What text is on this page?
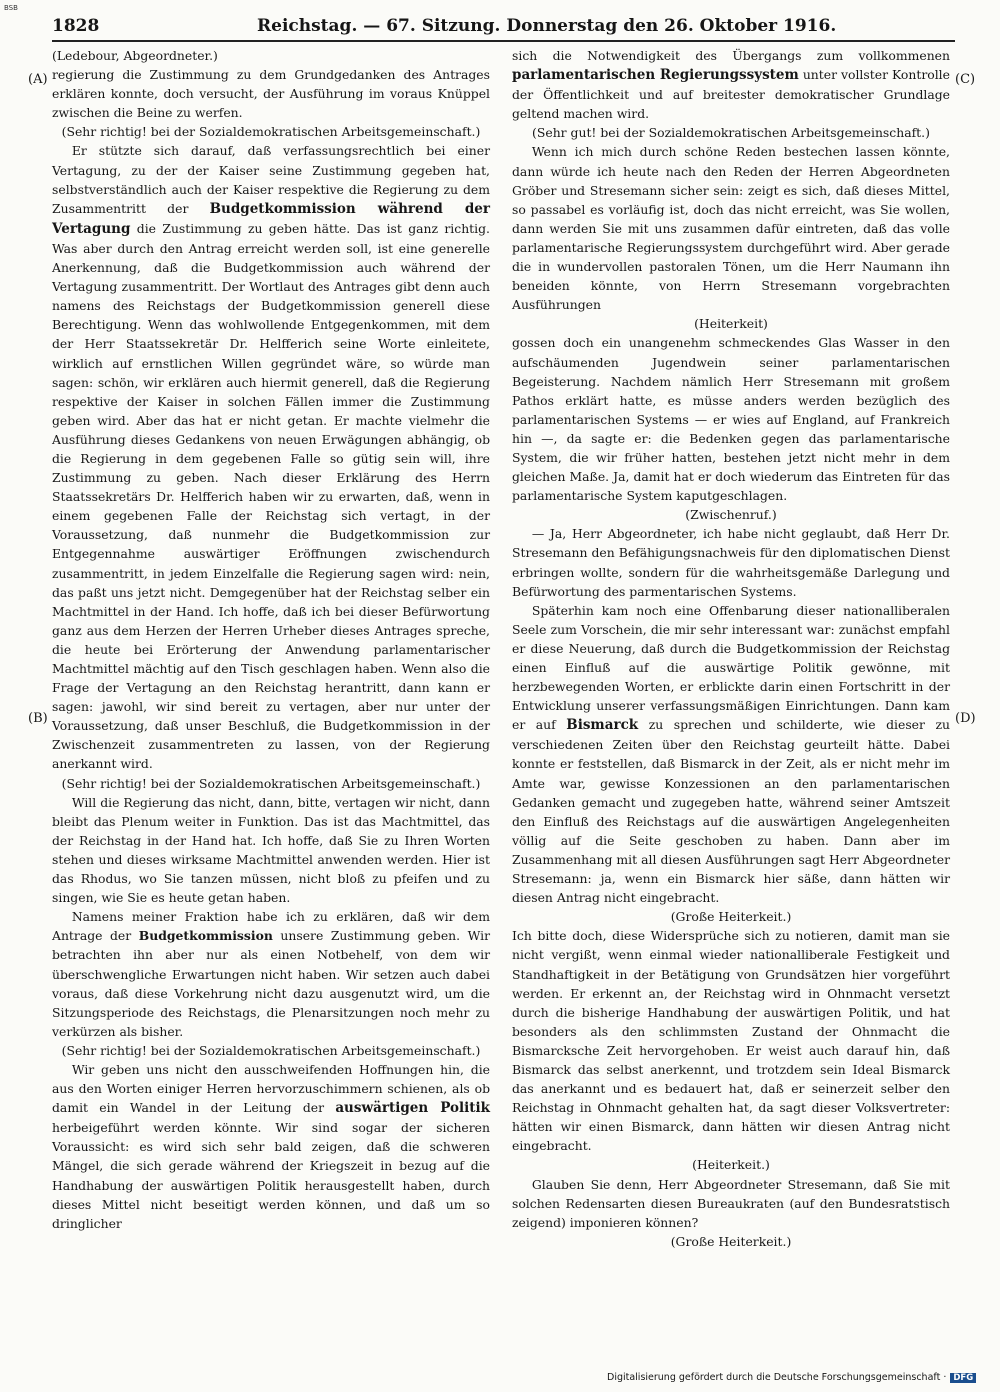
BSB
1828	Reichstag. — 67. Sitzung. Donnerstag den 26. Oktober 1916.
(A)
(B)
(C)
(D)

(Ledebour, Abgeordneter.)

regierung die Zustimmung zu dem Grundgedanken des Antrages erklären konnte, doch versucht, der Ausführung im voraus Knüppel zwischen die Beine zu werfen.

(Sehr richtig! bei der Sozialdemokratischen Arbeitsgemeinschaft.)

Er stützte sich darauf, daß verfassungsrechtlich bei einer Vertagung, zu der der Kaiser seine Zustimmung gegeben hat, selbstverständlich auch der Kaiser respektive die Regierung zu dem Zusammentritt der Budgetkommission während der Vertagung die Zustimmung zu geben hätte. Das ist ganz richtig. Was aber durch den Antrag erreicht werden soll, ist eine generelle Anerkennung, daß die Budgetkommission auch während der Vertagung zusammentritt. Der Wortlaut des Antrages gibt denn auch namens des Reichstags der Budgetkommission generell diese Berechtigung. Wenn das wohlwollende Entgegenkommen, mit dem der Herr Staatssekretär Dr. Helfferich seine Worte einleitete, wirklich auf ernstlichen Willen gegründet wäre, so würde man sagen: schön, wir erklären auch hiermit generell, daß die Regierung respektive der Kaiser in solchen Fällen immer die Zustimmung geben wird. Aber das hat er nicht getan. Er machte vielmehr die Ausführung dieses Gedankens von neuen Erwägungen abhängig, ob die Regierung in dem gegebenen Falle so gütig sein will, ihre Zustimmung zu geben. Nach dieser Erklärung des Herrn Staatssekretärs Dr. Helfferich haben wir zu erwarten, daß, wenn in einem gegebenen Falle der Reichstag sich vertagt, in der Voraussetzung, daß nunmehr die Budgetkommission zur Entgegennahme auswärtiger Eröffnungen zwischendurch zusammentritt, in jedem Einzelfalle die Regierung sagen wird: nein, das paßt uns jetzt nicht. Demgegenüber hat der Reichstag selber ein Machtmittel in der Hand. Ich hoffe, daß ich bei dieser Befürwortung ganz aus dem Herzen der Herren Urheber dieses Antrages spreche, die heute bei Erörterung der Anwendung parlamentarischer Machtmittel mächtig auf den Tisch geschlagen haben. Wenn also die Frage der Vertagung an den Reichstag herantritt, dann kann er sagen: jawohl, wir sind bereit zu vertagen, aber nur unter der Voraussetzung, daß unser Beschluß, die Budgetkommission in der Zwischenzeit zusammentreten zu lassen, von der Regierung anerkannt wird.

(Sehr richtig! bei der Sozialdemokratischen Arbeitsgemeinschaft.)

Will die Regierung das nicht, dann, bitte, vertagen wir nicht, dann bleibt das Plenum weiter in Funktion. Das ist das Machtmittel, das der Reichstag in der Hand hat. Ich hoffe, daß Sie zu Ihren Worten stehen und dieses wirksame Machtmittel anwenden werden. Hier ist das Rhodus, wo Sie tanzen müssen, nicht bloß zu pfeifen und zu singen, wie Sie es heute getan haben.

Namens meiner Fraktion habe ich zu erklären, daß wir dem Antrage der Budgetkommission unsere Zustimmung geben. Wir betrachten ihn aber nur als einen Notbehelf, von dem wir überschwengliche Erwartungen nicht haben. Wir setzen auch dabei voraus, daß diese Vorkehrung nicht dazu ausgenutzt wird, um die Sitzungsperiode des Reichstags, die Plenarsitzungen noch mehr zu verkürzen als bisher.

(Sehr richtig! bei der Sozialdemokratischen Arbeitsgemeinschaft.)

Wir geben uns nicht den ausschweifenden Hoffnungen hin, die aus den Worten einiger Herren hervorzuschimmern schienen, als ob damit ein Wandel in der Leitung der auswärtigen Politik herbeigeführt werden könnte. Wir sind sogar der sicheren Voraussicht: es wird sich sehr bald zeigen, daß die schweren Mängel, die sich gerade während der Kriegszeit in bezug auf die Handhabung der auswärtigen Politik herausgestellt haben, durch dieses Mittel nicht beseitigt werden können, und daß um so dringlicher

sich die Notwendigkeit des Übergangs zum vollkommenen parlamentarischen Regierungssystem unter vollster Kontrolle der Öffentlichkeit und auf breitester demokratischer Grundlage geltend machen wird.

(Sehr gut! bei der Sozialdemokratischen Arbeitsgemeinschaft.)

Wenn ich mich durch schöne Reden bestechen lassen könnte, dann würde ich heute nach den Reden der Herren Abgeordneten Gröber und Stresemann sicher sein: zeigt es sich, daß dieses Mittel, so passabel es vorläufig ist, doch das nicht erreicht, was Sie wollen, dann werden Sie mit uns zusammen dafür eintreten, daß das volle parlamentarische Regierungssystem durchgeführt wird. Aber gerade die in wundervollen pastoralen Tönen, um die Herr Naumann ihn beneiden könnte, von Herrn Stresemann vorgebrachten Ausführungen

(Heiterkeit)

gossen doch ein unangenehm schmeckendes Glas Wasser in den aufschäumenden Jugendwein seiner parlamentarischen Begeisterung. Nachdem nämlich Herr Stresemann mit großem Pathos erklärt hatte, es müsse anders werden bezüglich des parlamentarischen Systems — er wies auf England, auf Frankreich hin —, da sagte er: die Bedenken gegen das parlamentarische System, die wir früher hatten, bestehen jetzt nicht mehr in dem gleichen Maße. Ja, damit hat er doch wiederum das Eintreten für das parlamentarische System kaputgeschlagen.

(Zwischenruf.)

— Ja, Herr Abgeordneter, ich habe nicht geglaubt, daß Herr Dr. Stresemann den Befähigungsnachweis für den diplomatischen Dienst erbringen wollte, sondern für die wahrheitsgemäße Darlegung und Befürwortung des parmentarischen Systems.

Späterhin kam noch eine Offenbarung dieser nationalliberalen Seele zum Vorschein, die mir sehr interessant war: zunächst empfahl er diese Neuerung, daß durch die Budgetkommission der Reichstag einen Einfluß auf die auswärtige Politik gewönne, mit herzbewegenden Worten, er erblickte darin einen Fortschritt in der Entwicklung unserer verfassungsmäßigen Einrichtungen. Dann kam er auf Bismarck zu sprechen und schilderte, wie dieser zu verschiedenen Zeiten über den Reichstag geurteilt hätte. Dabei konnte er feststellen, daß Bismarck in der Zeit, als er nicht mehr im Amte war, gewisse Konzessionen an den parlamentarischen Gedanken gemacht und zugegeben hatte, während seiner Amtszeit den Einfluß des Reichstags auf die auswärtigen Angelegenheiten völlig auf die Seite geschoben zu haben. Dann aber im Zusammenhang mit all diesen Ausführungen sagt Herr Abgeordneter Stresemann: ja, wenn ein Bismarck hier säße, dann hätten wir diesen Antrag nicht eingebracht.

(Große Heiterkeit.)

Ich bitte doch, diese Widersprüche sich zu notieren, damit man sie nicht vergißt, wenn einmal wieder nationalliberale Festigkeit und Standhaftigkeit in der Betätigung von Grundsätzen hier vorgeführt werden. Er erkennt an, der Reichstag wird in Ohnmacht versetzt durch die bisherige Handhabung der auswärtigen Politik, und hat besonders als den schlimmsten Zustand der Ohnmacht die Bismarcksche Zeit hervorgehoben. Er weist auch darauf hin, daß Bismarck das selbst anerkennt, und trotzdem sein Ideal Bismarck das anerkannt und es bedauert hat, daß er seinerzeit selber den Reichstag in Ohnmacht gehalten hat, da sagt dieser Volksvertreter: hätten wir einen Bismarck, dann hätten wir diesen Antrag nicht eingebracht.

(Heiterkeit.)

Glauben Sie denn, Herr Abgeordneter Stresemann, daß Sie mit solchen Redensarten diesen Bureaukraten (auf den Bundesratstisch zeigend) imponieren können?

(Große Heiterkeit.)

Digitalisierung gefördert durch die Deutsche Forschungsgemeinschaft · DFG
